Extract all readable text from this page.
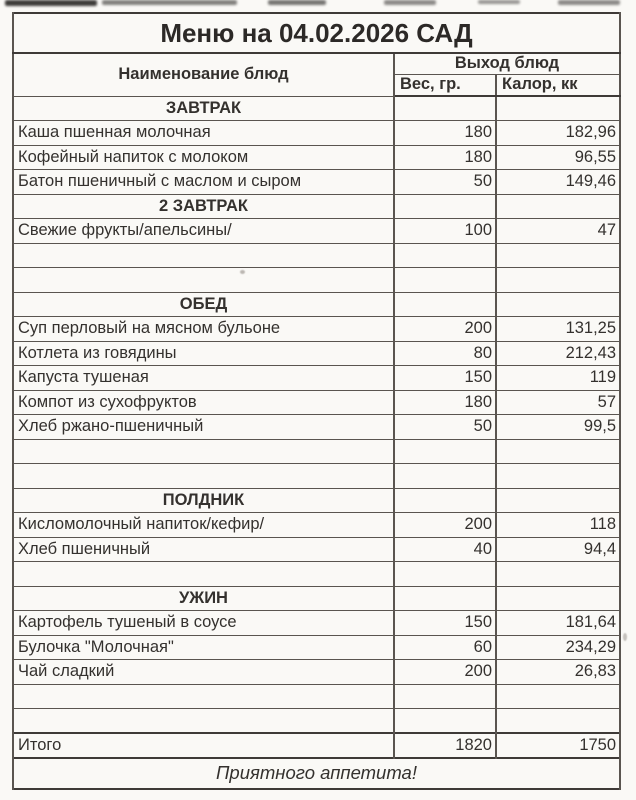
Меню на 04.02.2026 САД		
Наименование блюд	Выход блюд	
	Вес, гр.	Калор, кк
ЗАВТРАК		
Каша пшенная молочная	180	182,96
Кофейный напиток с молоком	180	96,55
Батон пшеничный с маслом и сыром	50	149,46
2 ЗАВТРАК		
Свежие фрукты/апельсины/	100	47

ОБЕД		
Суп перловый на мясном бульоне	200	131,25
Котлета из говядины	80	212,43
Капуста тушеная	150	119
Компот из сухофруктов	180	57
Хлеб ржано-пшеничный	50	99,5

ПОЛДНИК		
Кисломолочный напиток/кефир/	200	118
Хлеб пшеничный	40	94,4

УЖИН		
Картофель тушеный в соусе	150	181,64
Булочка "Молочная"	60	234,29
Чай сладкий	200	26,83

Итого	1820	1750
Приятного аппетита!		
